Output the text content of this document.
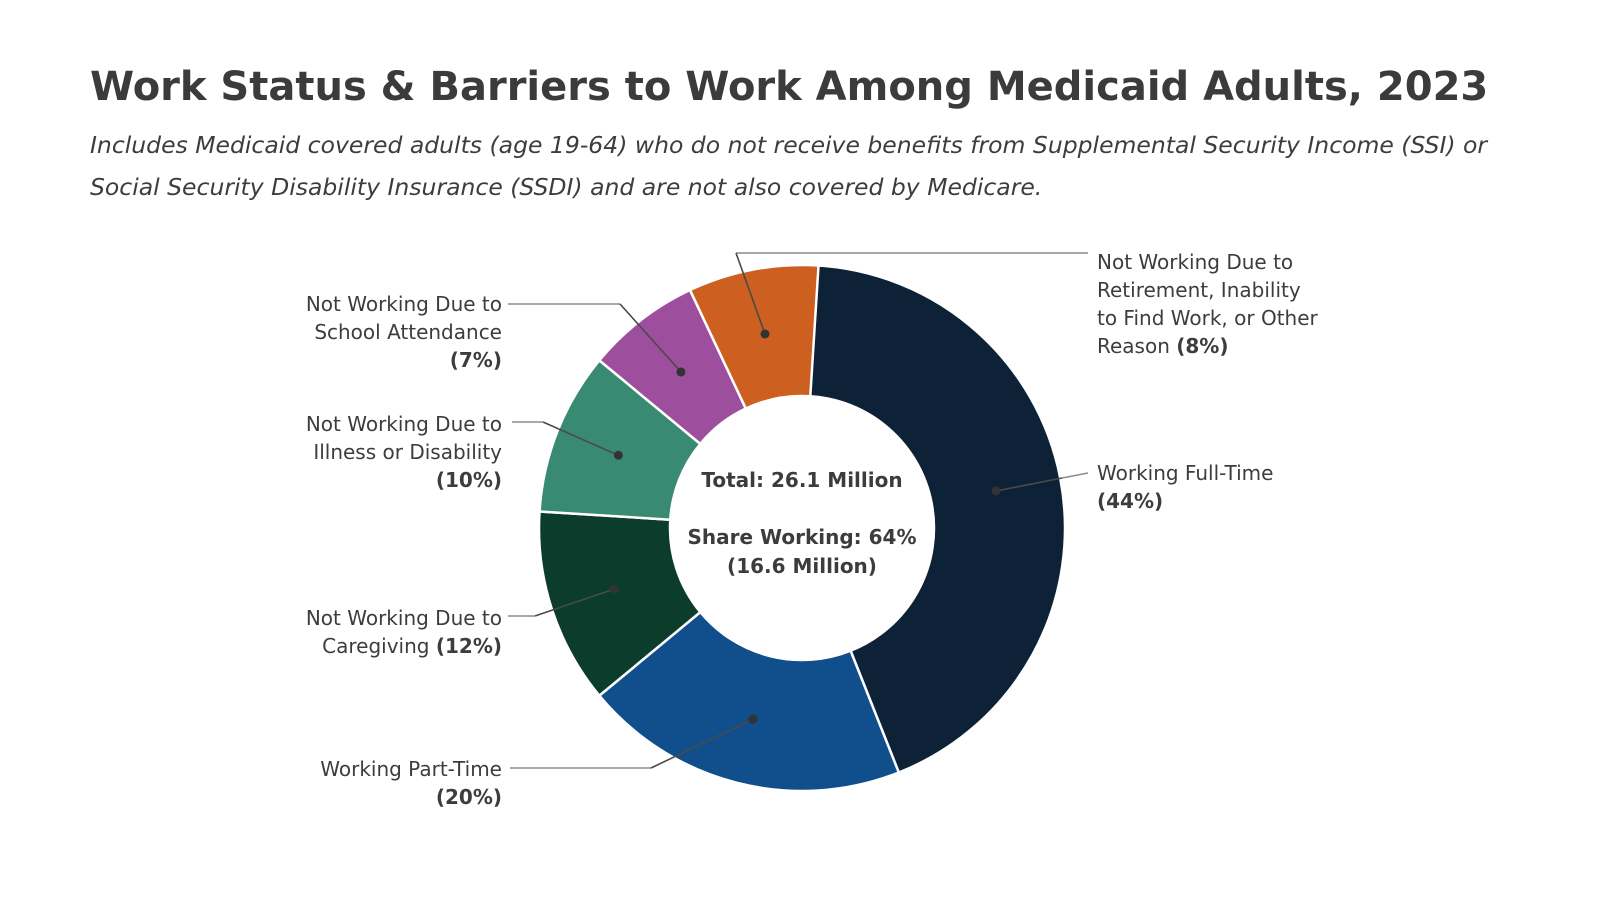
Work Status & Barriers to Work Among Medicaid Adults, 2023
Includes Medicaid covered adults (age 19-64) who do not receive benefits from Supplemental Security Income (SSI) or
Social Security Disability Insurance (SSDI) and are not also covered by Medicare.
Working Full-Time
(44%)
Working Part-Time
(20%)
Not Working Due to
Caregiving (12%)
Not Working Due to
Illness or Disability
(10%)
Not Working Due to
School Attendance
(7%)
Not Working Due to
Retirement, Inability
to Find Work, or Other
Reason (8%)
Total: 26.1 Million
Share Working: 64%
(16.6 Million)
